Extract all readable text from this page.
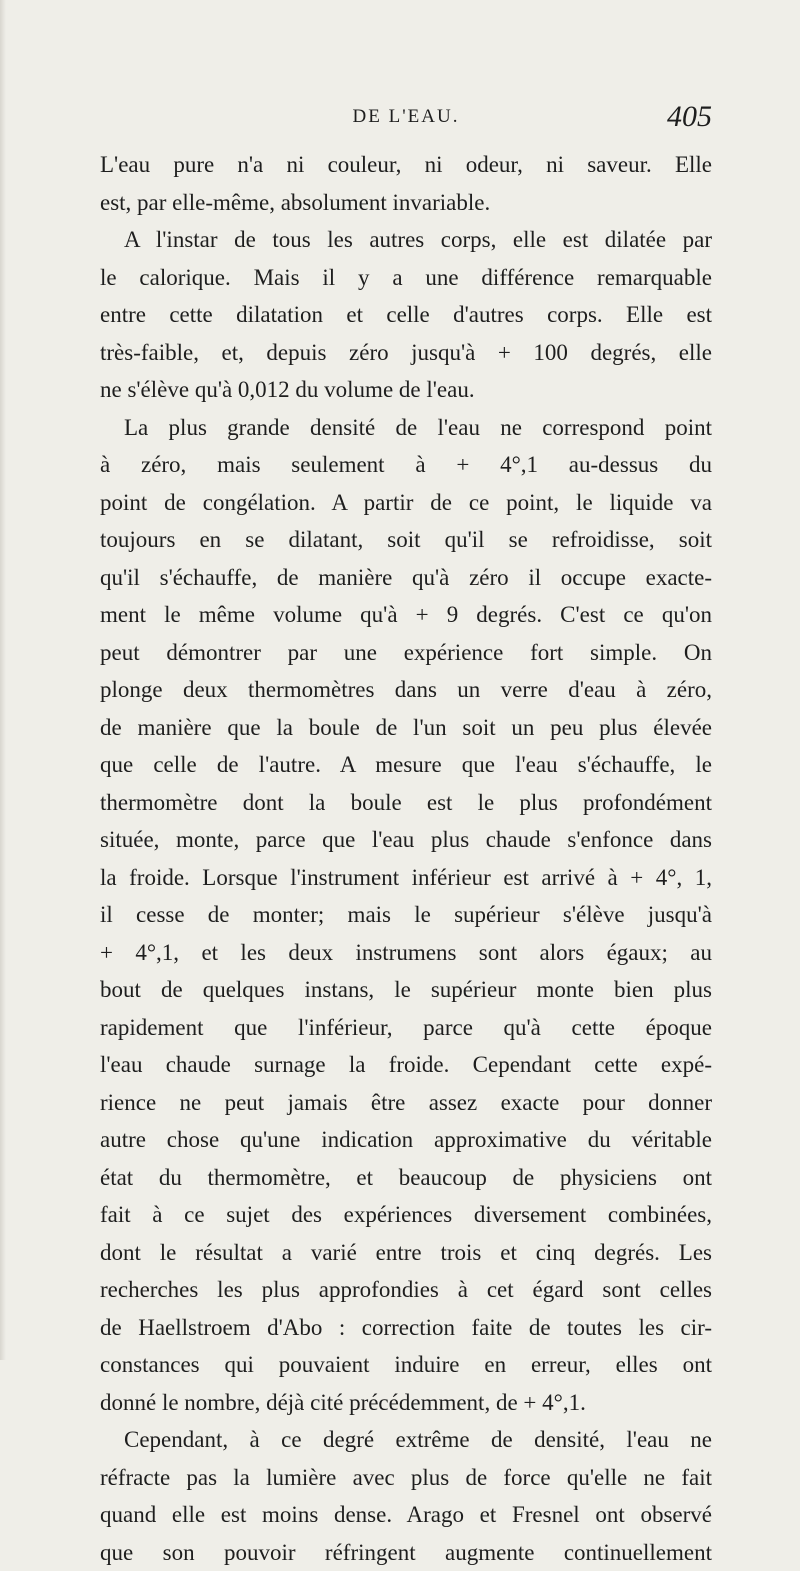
DE L'EAU.	405
L'eau pure n'a ni couleur, ni odeur, ni saveur. Elle
est, par elle-même, absolument invariable.
A l'instar de tous les autres corps, elle est dilatée par
le calorique. Mais il y a une différence remarquable
entre cette dilatation et celle d'autres corps. Elle est
très-faible, et, depuis zéro jusqu'à + 100 degrés, elle
ne s'élève qu'à 0,012 du volume de l'eau.
La plus grande densité de l'eau ne correspond point
à zéro, mais seulement à + 4°,1 au-dessus du
point de congélation. A partir de ce point, le liquide va
toujours en se dilatant, soit qu'il se refroidisse, soit
qu'il s'échauffe, de manière qu'à zéro il occupe exacte-
ment le même volume qu'à + 9 degrés. C'est ce qu'on
peut démontrer par une expérience fort simple. On
plonge deux thermomètres dans un verre d'eau à zéro,
de manière que la boule de l'un soit un peu plus élevée
que celle de l'autre. A mesure que l'eau s'échauffe, le
thermomètre dont la boule est le plus profondément
située, monte, parce que l'eau plus chaude s'enfonce dans
la froide. Lorsque l'instrument inférieur est arrivé à + 4°, 1,
il cesse de monter; mais le supérieur s'élève jusqu'à
+ 4°,1, et les deux instrumens sont alors égaux; au
bout de quelques instans, le supérieur monte bien plus
rapidement que l'inférieur, parce qu'à cette époque
l'eau chaude surnage la froide. Cependant cette expé-
rience ne peut jamais être assez exacte pour donner
autre chose qu'une indication approximative du véritable
état du thermomètre, et beaucoup de physiciens ont
fait à ce sujet des expériences diversement combinées,
dont le résultat a varié entre trois et cinq degrés. Les
recherches les plus approfondies à cet égard sont celles
de Haellstroem d'Abo : correction faite de toutes les cir-
constances qui pouvaient induire en erreur, elles ont
donné le nombre, déjà cité précédemment, de + 4°,1.
Cependant, à ce degré extrême de densité, l'eau ne
réfracte pas la lumière avec plus de force qu'elle ne fait
quand elle est moins dense. Arago et Fresnel ont observé
que son pouvoir réfringent augmente continuellement
